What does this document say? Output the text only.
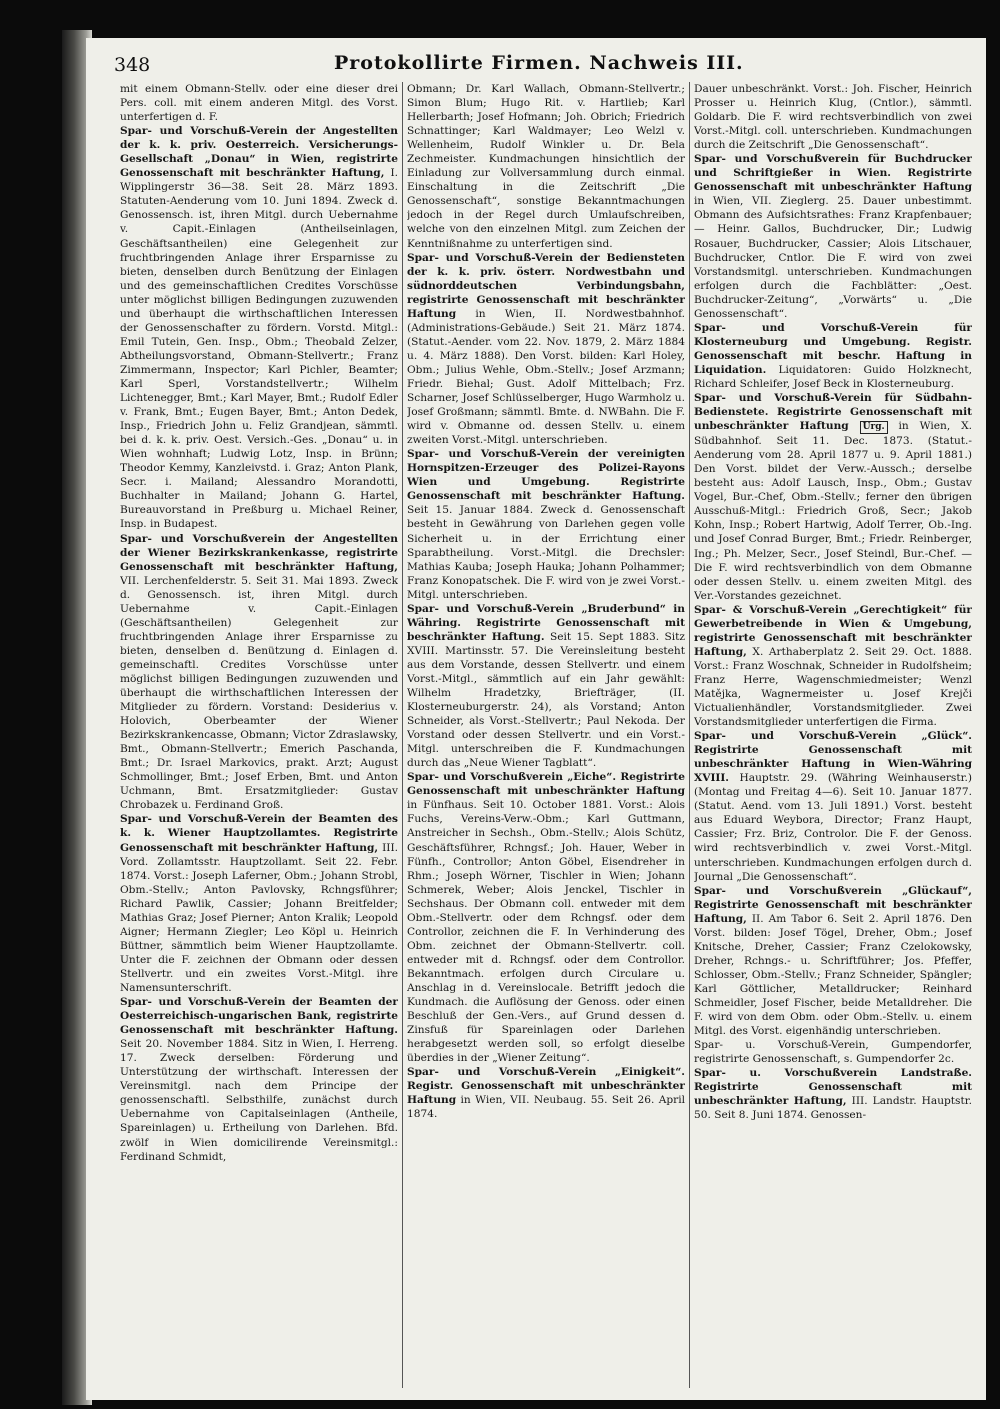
348	Protokollirte Firmen. Nachweis III.

mit einem Obmann-Stellv. oder eine dieser drei Pers. coll. mit einem anderen Mitgl. des Vorst. unterfertigen d. F.

Spar- und Vorschuß-Verein der Angestellten der k. k. priv. Oesterreich. Versicherungs-Gesellschaft „Donau“ in Wien, registrirte Genossenschaft mit beschränkter Haftung, I. Wipplingerstr 36—38. Seit 28. März 1893. Statuten-Aenderung vom 10. Juni 1894. Zweck d. Genossensch. ist, ihren Mitgl. durch Uebernahme v. Capit.-Einlagen (Antheilseinlagen, Geschäftsantheilen) eine Gelegenheit zur fruchtbringenden Anlage ihrer Ersparnisse zu bieten, denselben durch Benützung der Einlagen und des gemeinschaftlichen Credites Vorschüsse unter möglichst billigen Bedingungen zuzuwenden und überhaupt die wirthschaftlichen Interessen der Genossenschafter zu fördern. Vorstd. Mitgl.: Emil Tutein, Gen. Insp., Obm.; Theobald Zelzer, Abtheilungsvorstand, Obmann-Stellvertr.; Franz Zimmermann, Inspector; Karl Pichler, Beamter; Karl Sperl, Vorstandstellvertr.; Wilhelm Lichtenegger, Bmt.; Karl Mayer, Bmt.; Rudolf Edler v. Frank, Bmt.; Eugen Bayer, Bmt.; Anton Dedek, Insp., Friedrich John u. Feliz Grandjean, sämmtl. bei d. k. k. priv. Oest. Versich.-Ges. „Donau“ u. in Wien wohnhaft; Ludwig Lotz, Insp. in Brünn; Theodor Kemmy, Kanzleivstd. i. Graz; Anton Plank, Secr. i. Mailand; Alessandro Morandotti, Buchhalter in Mailand; Johann G. Hartel, Bureauvorstand in Preßburg u. Michael Reiner, Insp. in Budapest.

Spar- und Vorschußverein der Angestellten der Wiener Bezirkskrankenkasse, registrirte Genossenschaft mit beschränkter Haftung, VII. Lerchenfelderstr. 5. Seit 31. Mai 1893. Zweck d. Genossensch. ist, ihren Mitgl. durch Uebernahme v. Capit.-Einlagen (Geschäftsantheilen) Gelegenheit zur fruchtbringenden Anlage ihrer Ersparnisse zu bieten, denselben d. Benützung d. Einlagen d. gemeinschaftl. Credites Vorschüsse unter möglichst billigen Bedingungen zuzuwenden und überhaupt die wirthschaftlichen Interessen der Mitglieder zu fördern. Vorstand: Desiderius v. Holovich, Oberbeamter der Wiener Bezirkskrankencasse, Obmann; Victor Zdraslawsky, Bmt., Obmann-Stellvertr.; Emerich Paschanda, Bmt.; Dr. Israel Markovics, prakt. Arzt; August Schmollinger, Bmt.; Josef Erben, Bmt. und Anton Uchmann, Bmt. Ersatzmitglieder: Gustav Chrobazek u. Ferdinand Groß.

Spar- und Vorschuß-Verein der Beamten des k. k. Wiener Hauptzollamtes. Registrirte Genossenschaft mit beschränkter Haftung, III. Vord. Zollamtsstr. Hauptzollamt. Seit 22. Febr. 1874. Vorst.: Joseph Laferner, Obm.; Johann Strobl, Obm.-Stellv.; Anton Pavlovsky, Rchngsführer; Richard Pawlik, Cassier; Johann Breitfelder; Mathias Graz; Josef Pierner; Anton Kralik; Leopold Aigner; Hermann Ziegler; Leo Köpl u. Heinrich Büttner, sämmtlich beim Wiener Hauptzollamte. Unter die F. zeichnen der Obmann oder dessen Stellvertr. und ein zweites Vorst.-Mitgl. ihre Namensunterschrift.

Spar- und Vorschuß-Verein der Beamten der Oesterreichisch-ungarischen Bank, registrirte Genossenschaft mit beschränkter Haftung. Seit 20. November 1884. Sitz in Wien, I. Herreng. 17. Zweck derselben: Förderung und Unterstützung der wirthschaft. Interessen der Vereinsmitgl. nach dem Principe der genossenschaftl. Selbsthilfe, zunächst durch Uebernahme von Capitalseinlagen (Antheile, Spareinlagen) u. Ertheilung von Darlehen. Bfd. zwölf in Wien domicilirende Vereinsmitgl.: Ferdinand Schmidt,

Obmann; Dr. Karl Wallach, Obmann-Stellvertr.; Simon Blum; Hugo Rit. v. Hartlieb; Karl Hellerbarth; Josef Hofmann; Joh. Obrich; Friedrich Schnattinger; Karl Waldmayer; Leo Welzl v. Wellenheim, Rudolf Winkler u. Dr. Bela Zechmeister. Kundmachungen hinsichtlich der Einladung zur Vollversammlung durch einmal. Einschaltung in die Zeitschrift „Die Genossenschaft“, sonstige Bekanntmachungen jedoch in der Regel durch Umlaufschreiben, welche von den einzelnen Mitgl. zum Zeichen der Kenntnißnahme zu unterfertigen sind.

Spar- und Vorschuß-Verein der Bediensteten der k. k. priv. österr. Nordwestbahn und südnorddeutschen Verbindungsbahn, registrirte Genossenschaft mit beschränkter Haftung in Wien, II. Nordwestbahnhof. (Administrations-Gebäude.) Seit 21. März 1874. (Statut.-Aender. vom 22. Nov. 1879, 2. März 1884 u. 4. März 1888). Den Vorst. bilden: Karl Holey, Obm.; Julius Wehle, Obm.-Stellv.; Josef Arzmann; Friedr. Biehal; Gust. Adolf Mittelbach; Frz. Scharner, Josef Schlüsselberger, Hugo Warmholz u. Josef Großmann; sämmtl. Bmte. d. NWBahn. Die F. wird v. Obmanne od. dessen Stellv. u. einem zweiten Vorst.-Mitgl. unterschrieben.

Spar- und Vorschuß-Verein der vereinigten Hornspitzen-Erzeuger des Polizei-Rayons Wien und Umgebung. Registrirte Genossenschaft mit beschränkter Haftung. Seit 15. Januar 1884. Zweck d. Genossenschaft besteht in Gewährung von Darlehen gegen volle Sicherheit u. in der Errichtung einer Sparabtheilung. Vorst.-Mitgl. die Drechsler: Mathias Kauba; Joseph Hauka; Johann Polhammer; Franz Konopatschek. Die F. wird von je zwei Vorst.-Mitgl. unterschrieben.

Spar- und Vorschuß-Verein „Bruderbund“ in Währing. Registrirte Genossenschaft mit beschränkter Haftung. Seit 15. Sept 1883. Sitz XVIII. Martinsstr. 57. Die Vereinsleitung besteht aus dem Vorstande, dessen Stellvertr. und einem Vorst.-Mitgl., sämmtlich auf ein Jahr gewählt: Wilhelm Hradetzky, Briefträger, (II. Klosterneuburgerstr. 24), als Vorstand; Anton Schneider, als Vorst.-Stellvertr.; Paul Nekoda. Der Vorstand oder dessen Stellvertr. und ein Vorst.-Mitgl. unterschreiben die F. Kundmachungen durch das „Neue Wiener Tagblatt“.

Spar- und Vorschußverein „Eiche“. Registrirte Genossenschaft mit unbeschränkter Haftung in Fünfhaus. Seit 10. October 1881. Vorst.: Alois Fuchs, Vereins-Verw.-Obm.; Karl Guttmann, Anstreicher in Sechsh., Obm.-Stellv.; Alois Schütz, Geschäftsführer, Rchngsf.; Joh. Hauer, Weber in Fünfh., Controllor; Anton Göbel, Eisendreher in Rhm.; Joseph Wörner, Tischler in Wien; Johann Schmerek, Weber; Alois Jenckel, Tischler in Sechshaus. Der Obmann coll. entweder mit dem Obm.-Stellvertr. oder dem Rchngsf. oder dem Controllor, zeichnen die F. In Verhinderung des Obm. zeichnet der Obmann-Stellvertr. coll. entweder mit d. Rchngsf. oder dem Controllor. Bekanntmach. erfolgen durch Circulare u. Anschlag in d. Vereinslocale. Betrifft jedoch die Kundmach. die Auflösung der Genoss. oder einen Beschluß der Gen.-Vers., auf Grund dessen d. Zinsfuß für Spareinlagen oder Darlehen herabgesetzt werden soll, so erfolgt dieselbe überdies in der „Wiener Zeitung“.

Spar- und Vorschuß-Verein „Einigkeit“. Registr. Genossenschaft mit unbeschränkter Haftung in Wien, VII. Neubaug. 55. Seit 26. April 1874.

Dauer unbeschränkt. Vorst.: Joh. Fischer, Heinrich Prosser u. Heinrich Klug, (Cntlor.), sämmtl. Goldarb. Die F. wird rechtsverbindlich von zwei Vorst.-Mitgl. coll. unterschrieben. Kundmachungen durch die Zeitschrift „Die Genossenschaft“.

Spar- und Vorschußverein für Buchdrucker und Schriftgießer in Wien. Registrirte Genossenschaft mit unbeschränkter Haftung in Wien, VII. Zieglerg. 25. Dauer unbestimmt. Obmann des Aufsichtsrathes: Franz Krapfenbauer; — Heinr. Gallos, Buchdrucker, Dir.; Ludwig Rosauer, Buchdrucker, Cassier; Alois Litschauer, Buchdrucker, Cntlor. Die F. wird von zwei Vorstandsmitgl. unterschrieben. Kundmachungen erfolgen durch die Fachblätter: „Oest. Buchdrucker-Zeitung“, „Vorwärts“ u. „Die Genossenschaft“.

Spar- und Vorschuß-Verein für Klosterneuburg und Umgebung. Registr. Genossenschaft mit beschr. Haftung in Liquidation. Liquidatoren: Guido Holzknecht, Richard Schleifer, Josef Beck in Klosterneuburg.

Spar- und Vorschuß-Verein für Südbahn-Bedienstete. Registrirte Genossenschaft mit unbeschränkter Haftung Urg. in Wien, X. Südbahnhof. Seit 11. Dec. 1873. (Statut.-Aenderung vom 28. April 1877 u. 9. April 1881.) Den Vorst. bildet der Verw.-Aussch.; derselbe besteht aus: Adolf Lausch, Insp., Obm.; Gustav Vogel, Bur.-Chef, Obm.-Stellv.; ferner den übrigen Ausschuß-Mitgl.: Friedrich Groß, Secr.; Jakob Kohn, Insp.; Robert Hartwig, Adolf Terrer, Ob.-Ing. und Josef Conrad Burger, Bmt.; Friedr. Reinberger, Ing.; Ph. Melzer, Secr., Josef Steindl, Bur.-Chef. — Die F. wird rechtsverbindlich von dem Obmanne oder dessen Stellv. u. einem zweiten Mitgl. des Ver.-Vorstandes gezeichnet.

Spar- & Vorschuß-Verein „Gerechtigkeit“ für Gewerbetreibende in Wien & Umgebung, registrirte Genossenschaft mit beschränkter Haftung, X. Arthaberplatz 2. Seit 29. Oct. 1888. Vorst.: Franz Woschnak, Schneider in Rudolfsheim; Franz Herre, Wagenschmiedmeister; Wenzl Matějka, Wagnermeister u. Josef Krejči Victualienhändler, Vorstandsmitglieder. Zwei Vorstandsmitglieder unterfertigen die Firma.

Spar- und Vorschuß-Verein „Glück“. Registrirte Genossenschaft mit unbeschränkter Haftung in Wien-Währing XVIII. Hauptstr. 29. (Währing Weinhauserstr.) (Montag und Freitag 4—6). Seit 10. Januar 1877. (Statut. Aend. vom 13. Juli 1891.) Vorst. besteht aus Eduard Weybora, Director; Franz Haupt, Cassier; Frz. Briz, Controlor. Die F. der Genoss. wird rechtsverbindlich v. zwei Vorst.-Mitgl. unterschrieben. Kundmachungen erfolgen durch d. Journal „Die Genossenschaft“.

Spar- und Vorschußverein „Glückauf“, Registrirte Genossenschaft mit beschränkter Haftung, II. Am Tabor 6. Seit 2. April 1876. Den Vorst. bilden: Josef Tögel, Dreher, Obm.; Josef Knitsche, Dreher, Cassier; Franz Czelokowsky, Dreher, Rchngs.- u. Schriftführer; Jos. Pfeffer, Schlosser, Obm.-Stellv.; Franz Schneider, Spängler; Karl Göttlicher, Metalldrucker; Reinhard Schmeidler, Josef Fischer, beide Metalldreher. Die F. wird von dem Obm. oder Obm.-Stellv. u. einem Mitgl. des Vorst. eigenhändig unterschrieben.

Spar- u. Vorschuß-Verein, Gumpendorfer, registrirte Genossenschaft, s. Gumpendorfer 2c.

Spar- u. Vorschußverein Landstraße. Registrirte Genossenschaft mit unbeschränkter Haftung, III. Landstr. Hauptstr. 50. Seit 8. Juni 1874. Genossen-
